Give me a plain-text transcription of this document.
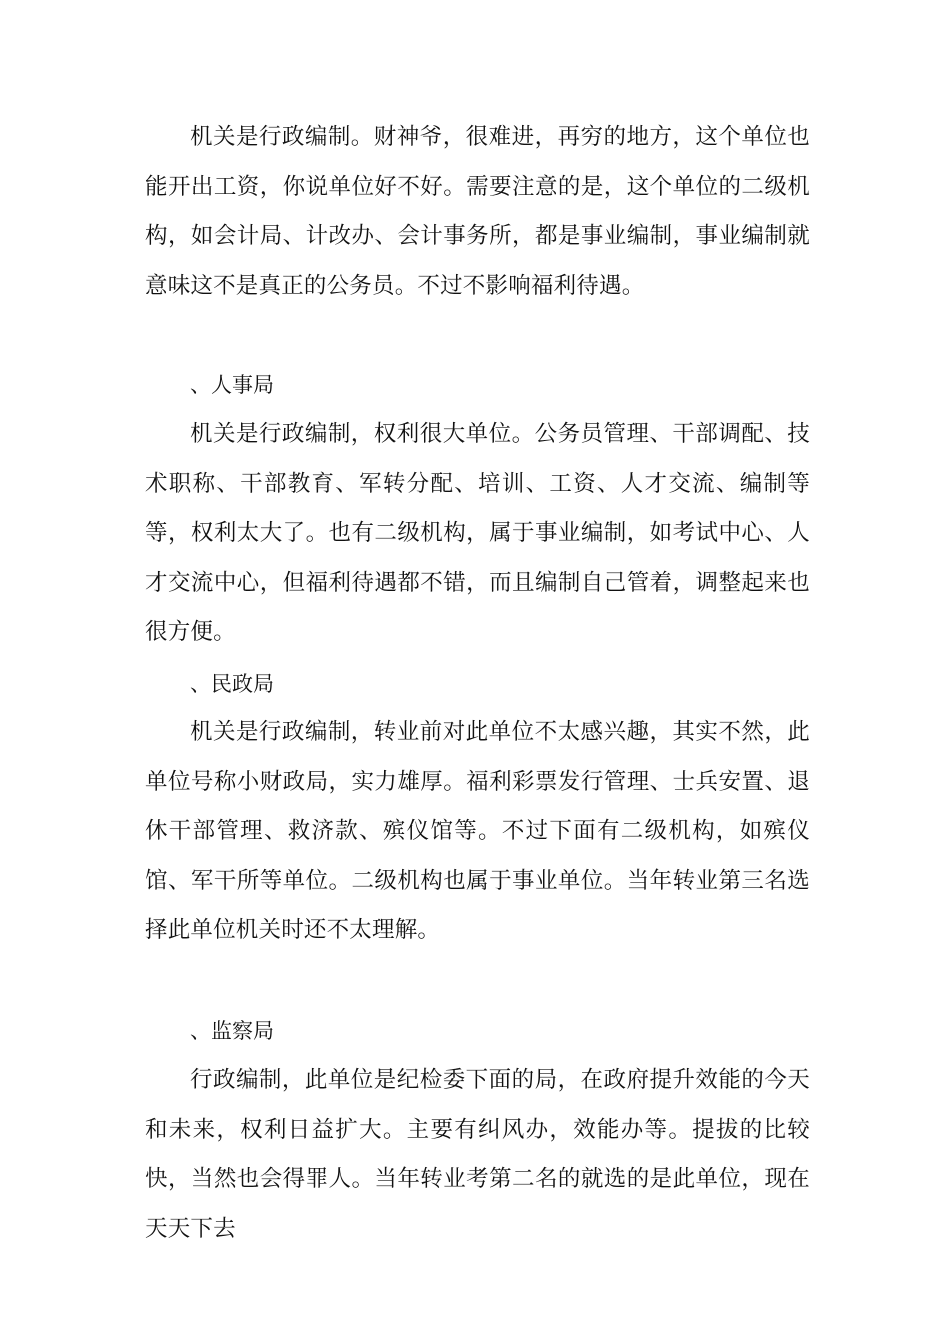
机关是行政编制。财神爷，很难进，再穷的地方，这个单位也能开出工资，你说单位好不好。需要注意的是，这个单位的二级机构，如会计局、计改办、会计事务所，都是事业编制，事业编制就意味这不是真正的公务员。不过不影响福利待遇。

、人事局

机关是行政编制，权利很大单位。公务员管理、干部调配、技术职称、干部教育、军转分配、培训、工资、人才交流、编制等等，权利太大了。也有二级机构，属于事业编制，如考试中心、人才交流中心，但福利待遇都不错，而且编制自己管着，调整起来也很方便。

、民政局

机关是行政编制，转业前对此单位不太感兴趣，其实不然，此单位号称小财政局，实力雄厚。福利彩票发行管理、士兵安置、退休干部管理、救济款、殡仪馆等。不过下面有二级机构，如殡仪馆、军干所等单位。二级机构也属于事业单位。当年转业第三名选择此单位机关时还不太理解。

、监察局

行政编制，此单位是纪检委下面的局，在政府提升效能的今天和未来，权利日益扩大。主要有纠风办，效能办等。提拔的比较快，当然也会得罪人。当年转业考第二名的就选的是此单位，现在天天下去
